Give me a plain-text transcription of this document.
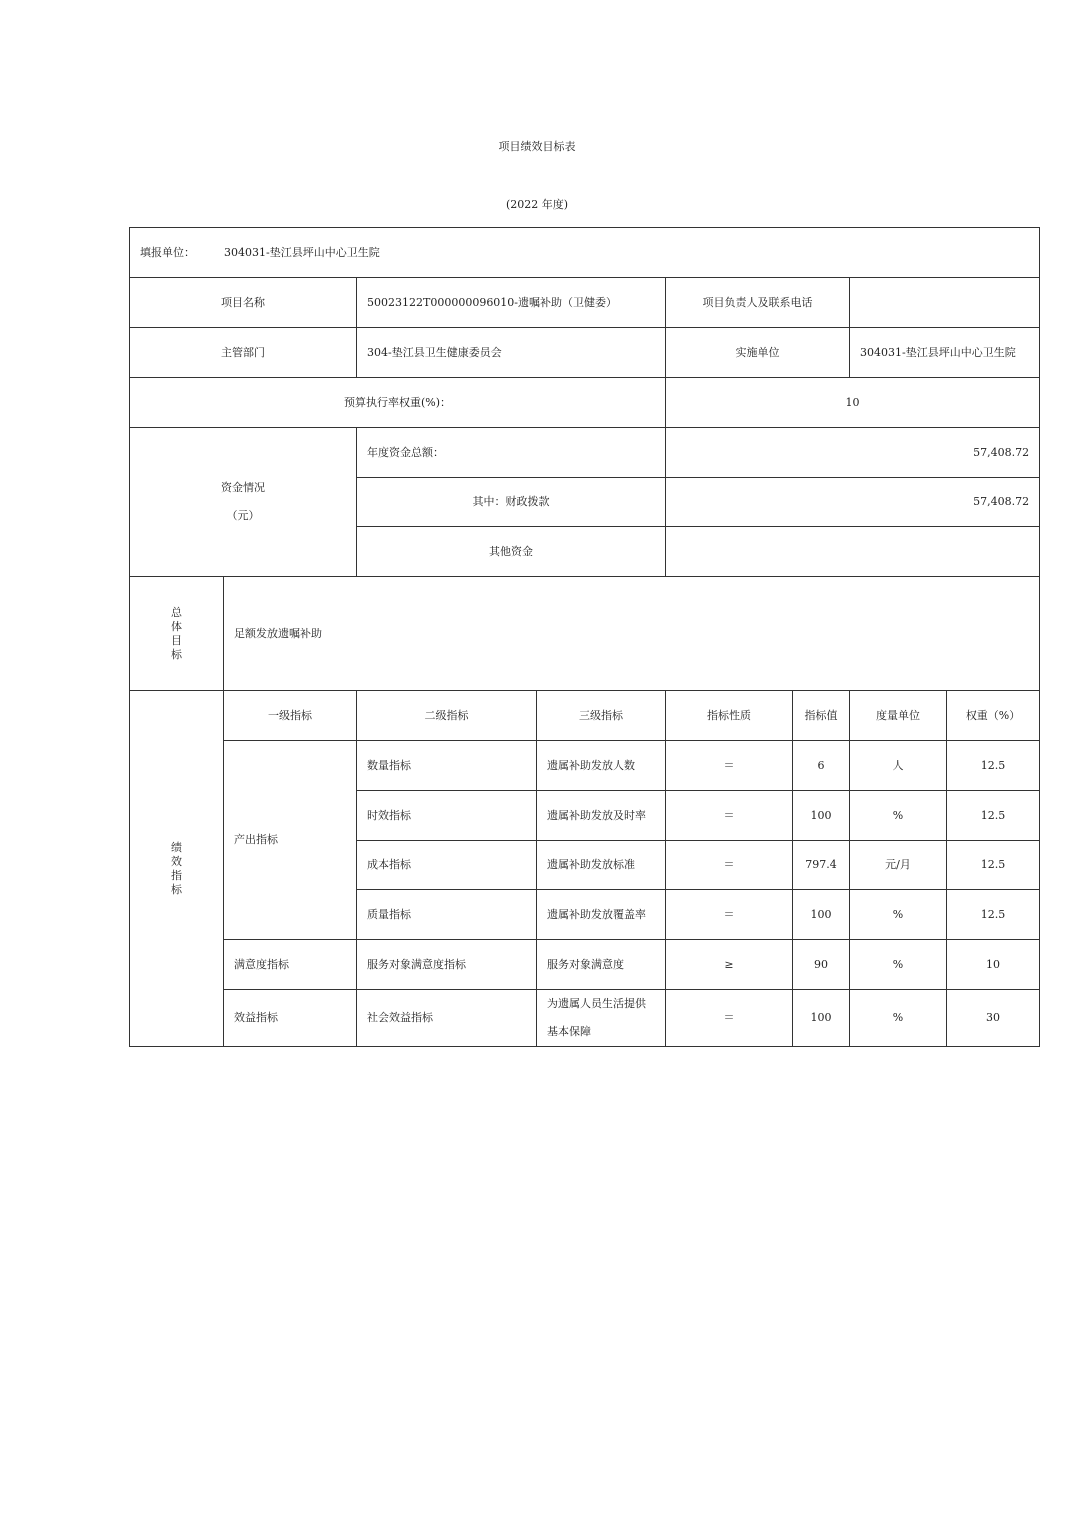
项目绩效目标表
(2022 年度)
填报单位： 304031-垫江县坪山中心卫生院							
项目名称		50023122T000000096010-遗嘱补助（卫健委）		项目负责人及联系电话			
主管部门		304-垫江县卫生健康委员会		实施单位		304031-垫江县坪山中心卫生院	
预算执行率权重(%)：				10			

资金情况
（元）		年度资金总额：		57,408.72			
		其中：财政拨款		57,408.72			
		其他资金					

总
体
目
标	足额发放遗嘱补助						

绩
效
指
标	一级指标	二级指标	三级指标	指标性质	指标值	度量单位	权重（%）
	产出指标	数量指标	遗属补助发放人数	＝	6	人	12.5
		时效指标	遗属补助发放及时率	＝	100	%	12.5
		成本指标	遗属补助发放标准	＝	797.4	元/月	12.5
		质量指标	遗属补助发放覆盖率	＝	100	%	12.5
	满意度指标	服务对象满意度指标	服务对象满意度	≥	90	%	10
	效益指标	社会效益指标	为遗属人员生活提供基本保障	＝	100	%	30
